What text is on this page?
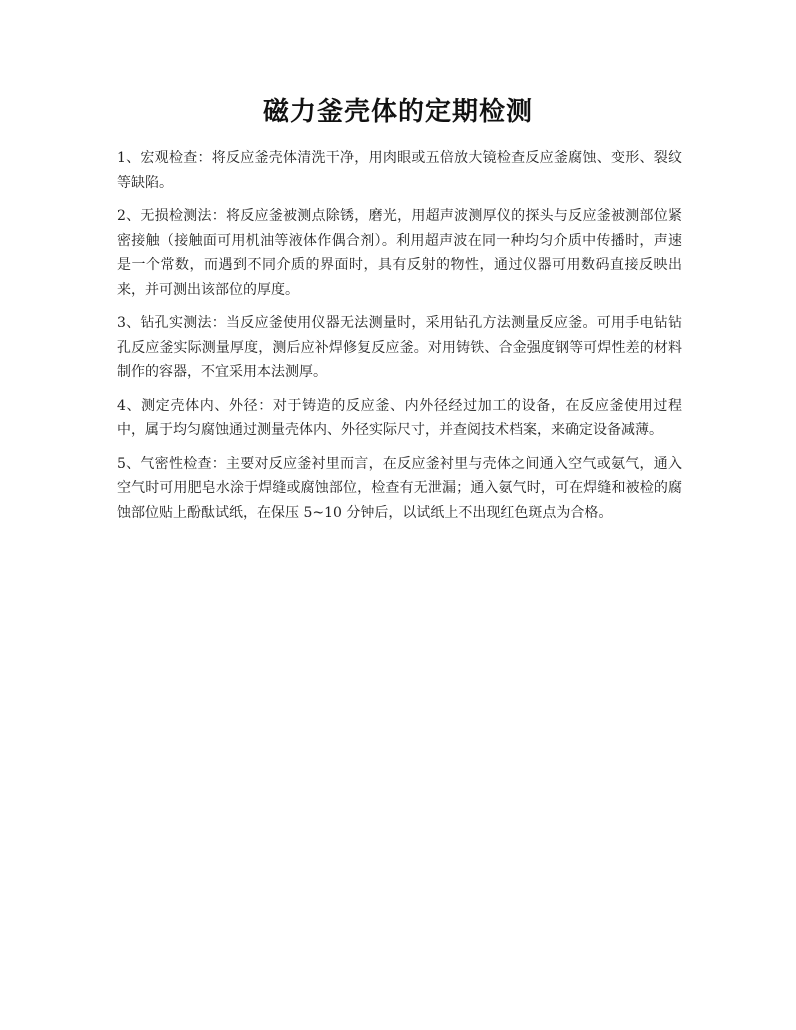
磁力釜壳体的定期检测

1、宏观检查：将反应釜壳体清洗干净，用肉眼或五倍放大镜检查反应釜腐蚀、变形、裂纹等缺陷。

2、无损检测法：将反应釜被测点除锈，磨光，用超声波测厚仪的探头与反应釜被测部位紧密接触（接触面可用机油等液体作偶合剂）。利用超声波在同一种均匀介质中传播时，声速是一个常数，而遇到不同介质的界面时，具有反射的物性，通过仪器可用数码直接反映出来，并可测出该部位的厚度。

3、钻孔实测法：当反应釜使用仪器无法测量时，采用钻孔方法测量反应釜。可用手电钻钻孔反应釜实际测量厚度，测后应补焊修复反应釜。对用铸铁、合金强度钢等可焊性差的材料制作的容器，不宜采用本法测厚。

4、测定壳体内、外径：对于铸造的反应釜、内外径经过加工的设备，在反应釜使用过程中，属于均匀腐蚀通过测量壳体内、外径实际尺寸，并查阅技术档案，来确定设备减薄。

5、气密性检查：主要对反应釜衬里而言，在反应釜衬里与壳体之间通入空气或氨气，通入空气时可用肥皂水涂于焊缝或腐蚀部位，检查有无泄漏；通入氨气时，可在焊缝和被检的腐蚀部位贴上酚酞试纸，在保压 5~10 分钟后，以试纸上不出现红色斑点为合格。
